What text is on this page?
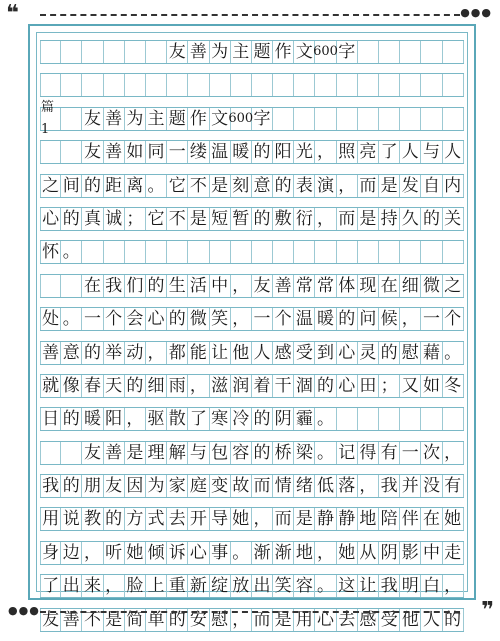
❝	●●●
友 善 为 主 题 作 文 600 字
篇1
友 善 为 主 题 作 文 600 字
友 善 如 同 一 缕 温 暖 的 阳 光 ， 照 亮 了 人 与 人
之 间 的 距 离 。 它 不 是 刻 意 的 表 演 ， 而 是 发 自 内
心 的 真 诚 ； 它 不 是 短 暂 的 敷 衍 ， 而 是 持 久 的 关
怀 。
在 我 们 的 生 活 中 ， 友 善 常 常 体 现 在 细 微 之
处 。 一 个 会 心 的 微 笑 ， 一 个 温 暖 的 问 候 ， 一 个
善 意 的 举 动 ， 都 能 让 他 人 感 受 到 心 灵 的 慰 藉 。
就 像 春 天 的 细 雨 ， 滋 润 着 干 涸 的 心 田 ； 又 如 冬
日 的 暖 阳 ， 驱 散 了 寒 冷 的 阴 霾 。
友 善 是 理 解 与 包 容 的 桥 梁 。 记 得 有 一 次 ，
我 的 朋 友 因 为 家 庭 变 故 而 情 绪 低 落 ， 我 并 没 有
用 说 教 的 方 式 去 开 导 她 ， 而 是 静 静 地 陪 伴 在 她
身 边 ， 听 她 倾 诉 心 事 。 渐 渐 地 ， 她 从 阴 影 中 走
了 出 来 ， 脸 上 重 新 绽 放 出 笑 容 。 这 让 我 明 白 ，
友 善 不 是 简 单 的 安 慰 ， 而 是 用 心 去 感 受 他 人 的
●●●	❞
